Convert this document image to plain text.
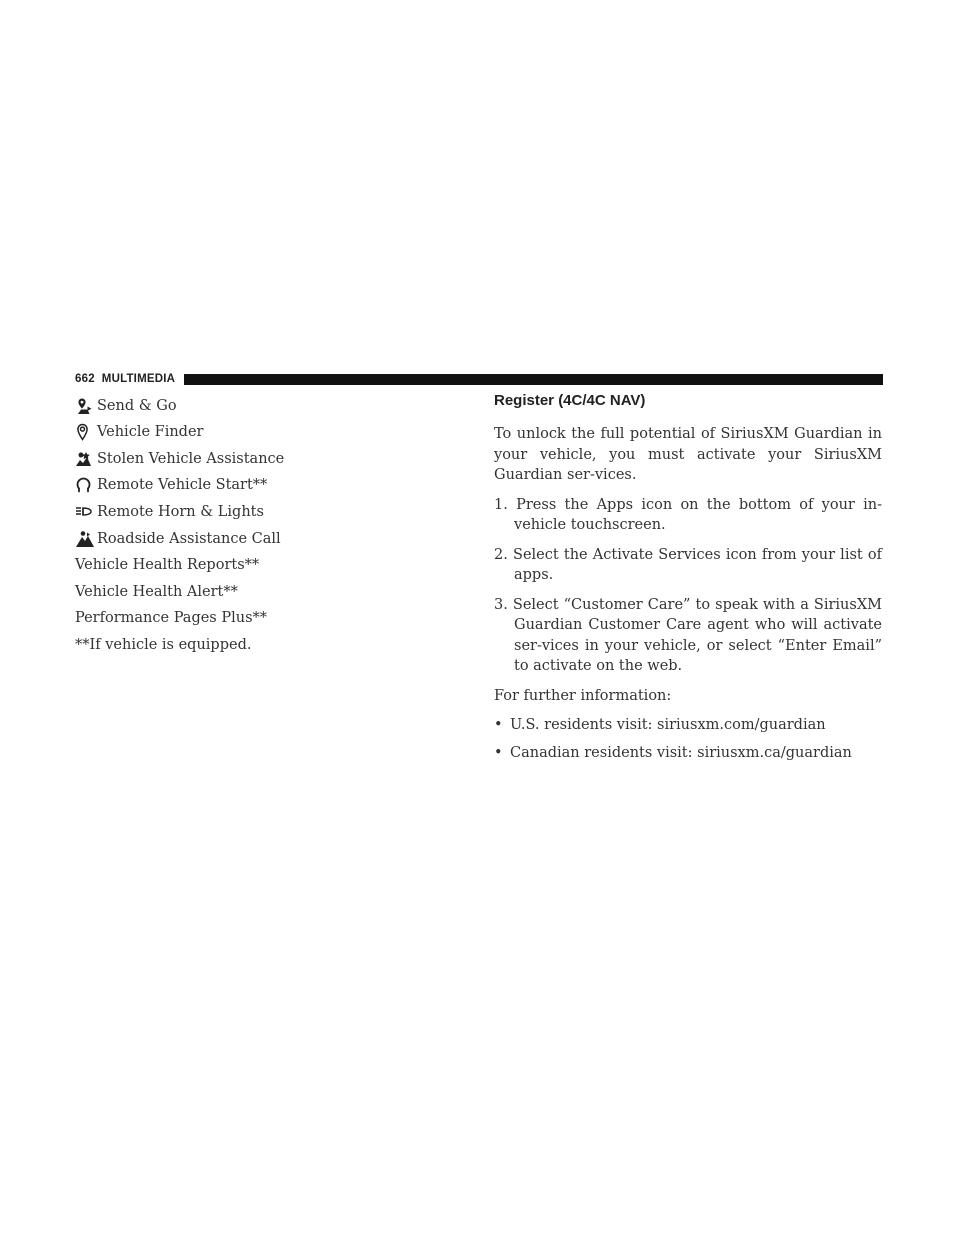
662 MULTIMEDIA
Send & Go
Vehicle Finder
Stolen Vehicle Assistance
Remote Vehicle Start**
Remote Horn & Lights
Roadside Assistance Call
Vehicle Health Reports**
Vehicle Health Alert**
Performance Pages Plus**
**If vehicle is equipped.
Register (4C/4C NAV)

To unlock the full potential of SiriusXM Guardian in your vehicle, you must activate your SiriusXM Guardian ser-vices.

1. Press the Apps icon on the bottom of your in-vehicle touchscreen.
2. Select the Activate Services icon from your list of apps.
3. Select “Customer Care” to speak with a SiriusXM Guardian Customer Care agent who will activate ser-vices in your vehicle, or select “Enter Email” to activate on the web.

For further information:

• U.S. residents visit: siriusxm.com/guardian
• Canadian residents visit: siriusxm.ca/guardian
